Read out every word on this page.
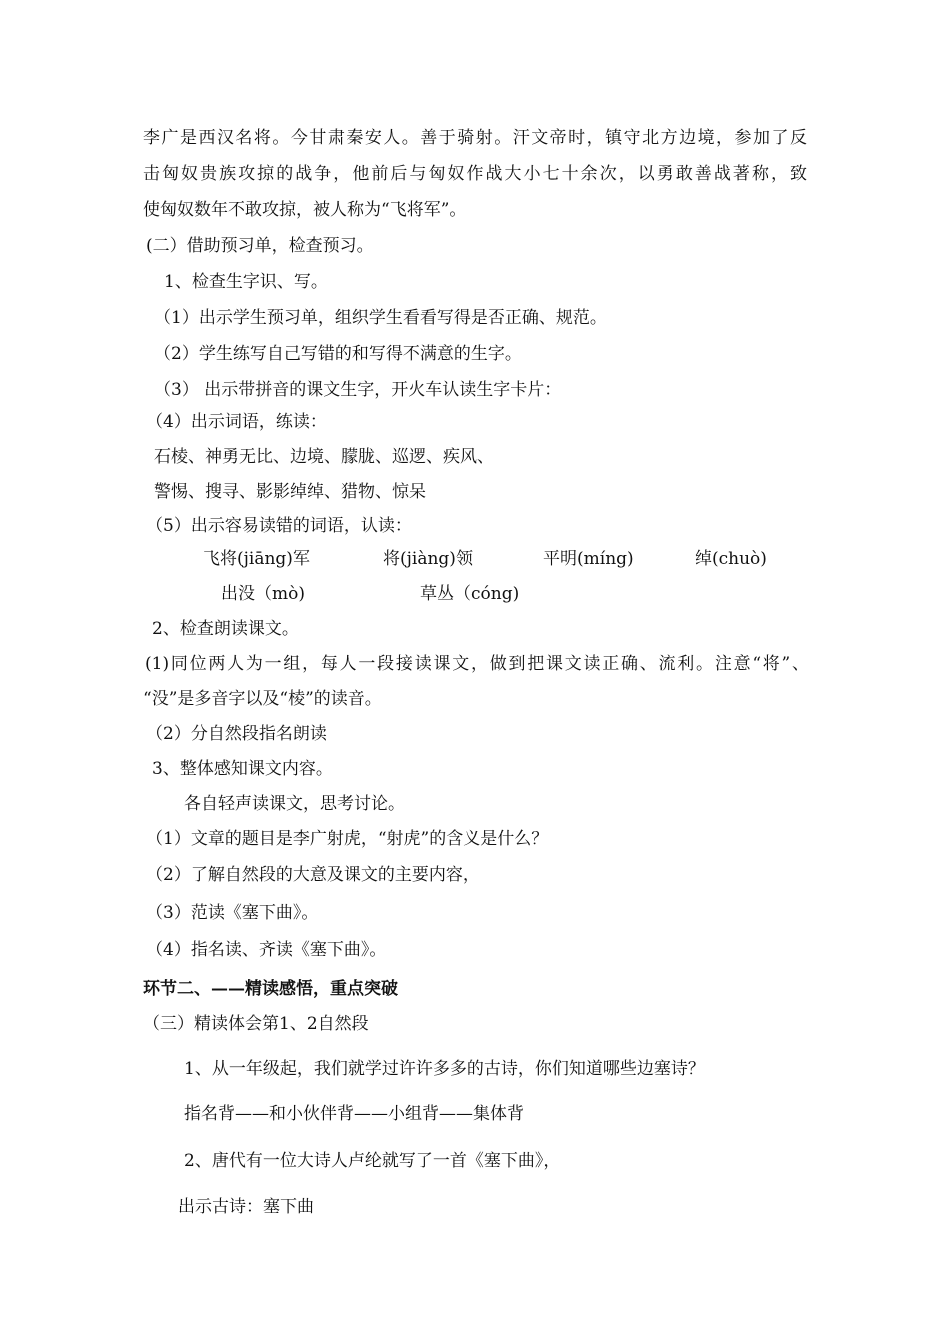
李广是西汉名将。今甘肃秦安人。善于骑射。汗文帝时，镇守北方边境，参加了反
击匈奴贵族攻掠的战争，他前后与匈奴作战大小七十余次，以勇敢善战著称，致
使匈奴数年不敢攻掠，被人称为“飞将军”。
(二）借助预习单，检查预习。
1、检查生字识、写。
（1）出示学生预习单，组织学生看看写得是否正确、规范。
（2）学生练写自己写错的和写得不满意的生字。
（3） 出示带拼音的课文生字，开火车认读生字卡片：
（4）出示词语，练读：
石棱、神勇无比、边境、朦胧、巡逻、疾风、
警惕、搜寻、影影绰绰、猎物、惊呆
（5）出示容易读错的词语，认读：
飞将(jiāng)军	将(jiàng)领	平明(míng)	绰(chuò)
出没（mò)	草丛（cóng)
2、检查朗读课文。
(1)同位两人为一组，每人一段接读课文，做到把课文读正确、流利。注意“将”、
“没”是多音字以及“棱”的读音。
（2）分自然段指名朗读
3、整体感知课文内容。
各自轻声读课文，思考讨论。
（1）文章的题目是李广射虎，“射虎”的含义是什么？
（2）了解自然段的大意及课文的主要内容，
（3）范读《塞下曲》。
（4）指名读、齐读《塞下曲》。
环节二、——精读感悟，重点突破
（三）精读体会第1、2自然段
1、从一年级起，我们就学过许许多多的古诗，你们知道哪些边塞诗？
指名背——和小伙伴背——小组背——集体背
2、唐代有一位大诗人卢纶就写了一首《塞下曲》，
出示古诗：塞下曲
